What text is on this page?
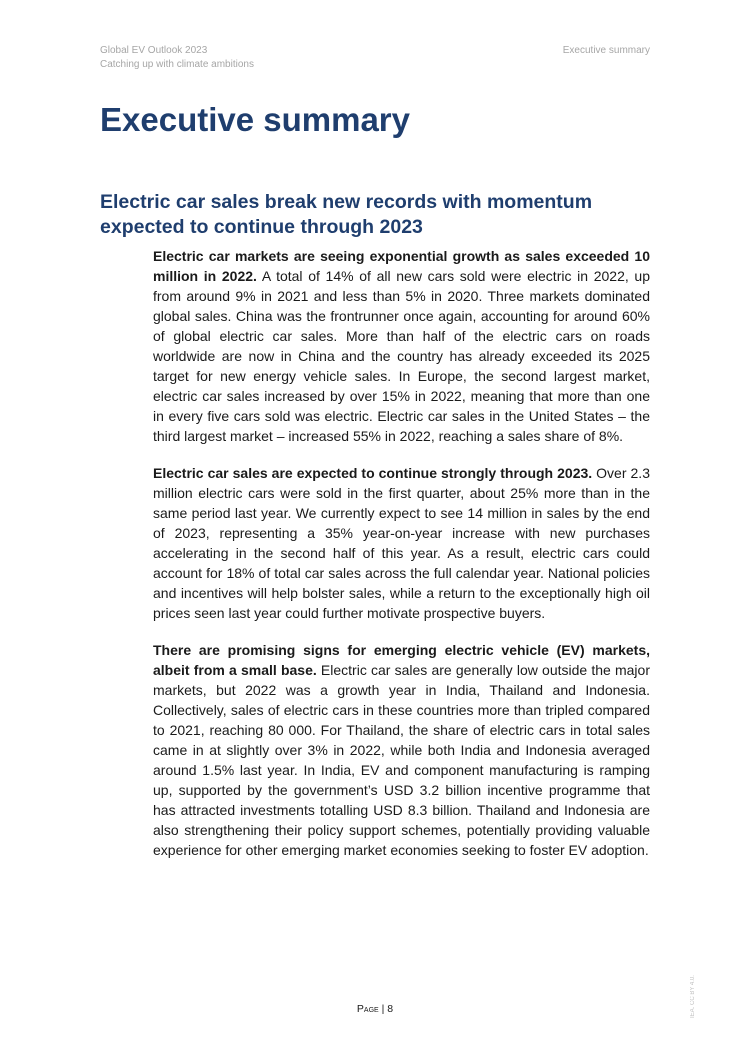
Global EV Outlook 2023
Catching up with climate ambitions
Executive summary
Executive summary
Electric car sales break new records with momentum expected to continue through 2023

Electric car markets are seeing exponential growth as sales exceeded 10 million in 2022. A total of 14% of all new cars sold were electric in 2022, up from around 9% in 2021 and less than 5% in 2020. Three markets dominated global sales. China was the frontrunner once again, accounting for around 60% of global electric car sales. More than half of the electric cars on roads worldwide are now in China and the country has already exceeded its 2025 target for new energy vehicle sales. In Europe, the second largest market, electric car sales increased by over 15% in 2022, meaning that more than one in every five cars sold was electric. Electric car sales in the United States – the third largest market – increased 55% in 2022, reaching a sales share of 8%.

Electric car sales are expected to continue strongly through 2023. Over 2.3 million electric cars were sold in the first quarter, about 25% more than in the same period last year. We currently expect to see 14 million in sales by the end of 2023, representing a 35% year-on-year increase with new purchases accelerating in the second half of this year. As a result, electric cars could account for 18% of total car sales across the full calendar year. National policies and incentives will help bolster sales, while a return to the exceptionally high oil prices seen last year could further motivate prospective buyers.

There are promising signs for emerging electric vehicle (EV) markets, albeit from a small base. Electric car sales are generally low outside the major markets, but 2022 was a growth year in India, Thailand and Indonesia. Collectively, sales of electric cars in these countries more than tripled compared to 2021, reaching 80 000. For Thailand, the share of electric cars in total sales came in at slightly over 3% in 2022, while both India and Indonesia averaged around 1.5% last year. In India, EV and component manufacturing is ramping up, supported by the government’s USD 3.2 billion incentive programme that has attracted investments totalling USD 8.3 billion. Thailand and Indonesia are also strengthening their policy support schemes, potentially providing valuable experience for other emerging market economies seeking to foster EV adoption.

Page | 8	IEA. CC BY 4.0.
